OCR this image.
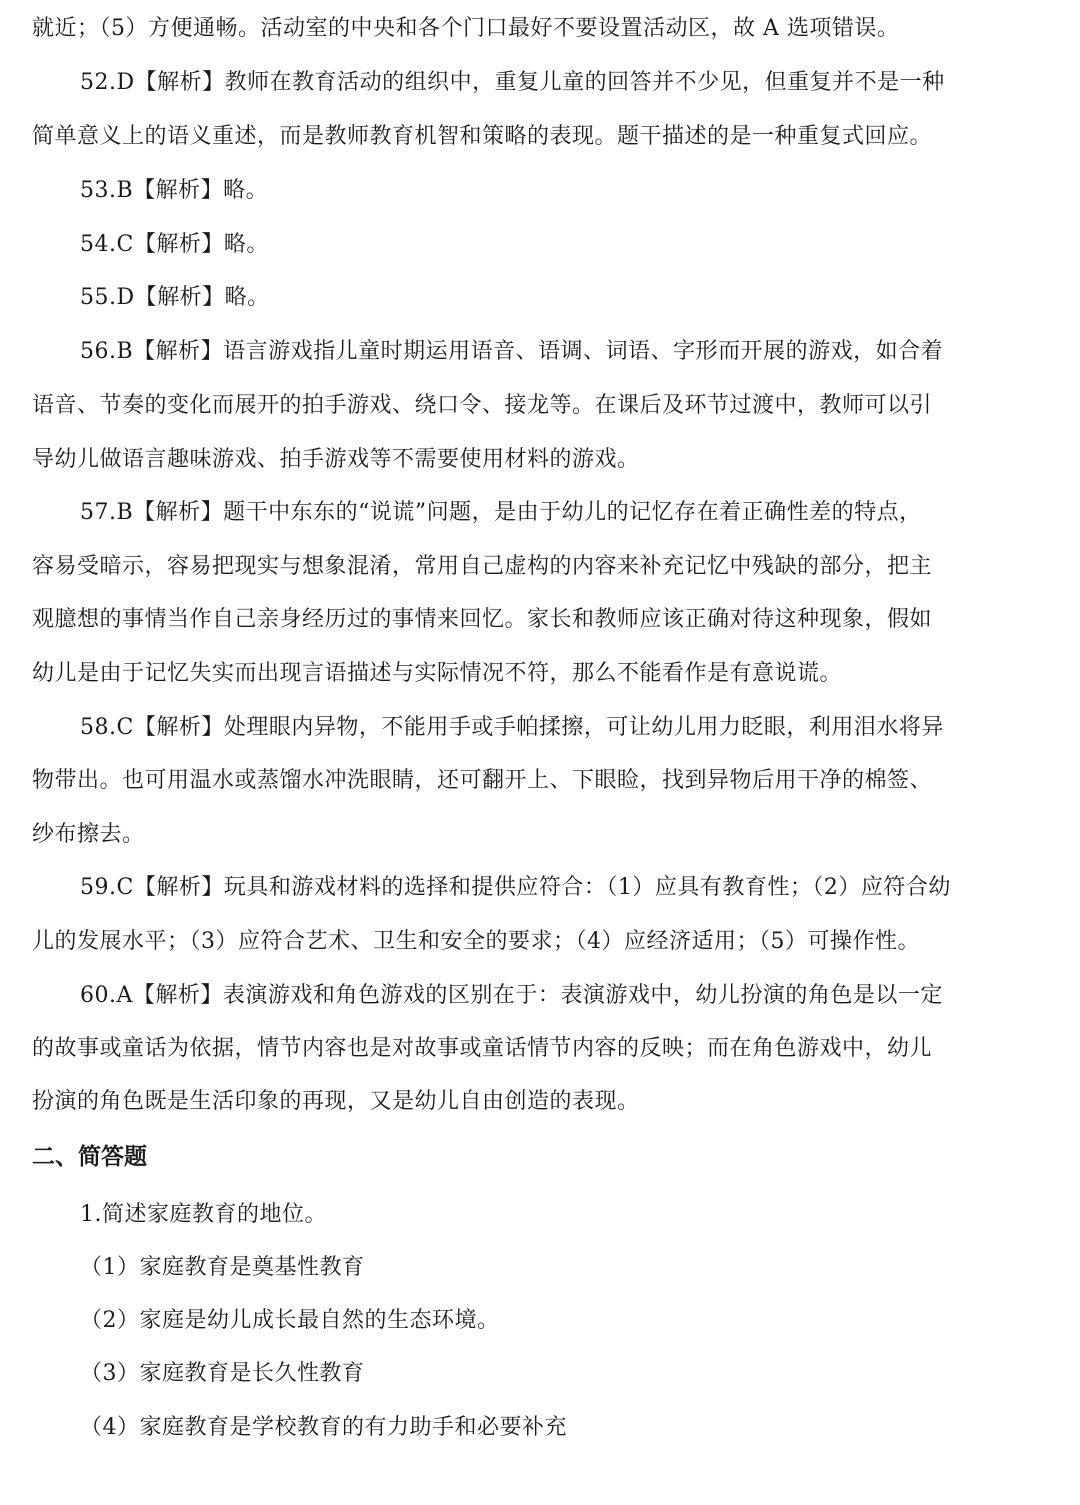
就近；（5）方便通畅。活动室的中央和各个门口最好不要设置活动区，故 A 选项错误。
52.D【解析】教师在教育活动的组织中，重复儿童的回答并不少见，但重复并不是一种
简单意义上的语义重述，而是教师教育机智和策略的表现。题干描述的是一种重复式回应。
53.B【解析】略。
54.C【解析】略。
55.D【解析】略。
56.B【解析】语言游戏指儿童时期运用语音、语调、词语、字形而开展的游戏，如合着
语音、节奏的变化而展开的拍手游戏、绕口令、接龙等。在课后及环节过渡中，教师可以引
导幼儿做语言趣味游戏、拍手游戏等不需要使用材料的游戏。
57.B【解析】题干中东东的“说谎”问题，是由于幼儿的记忆存在着正确性差的特点，
容易受暗示，容易把现实与想象混淆，常用自己虚构的内容来补充记忆中残缺的部分，把主
观臆想的事情当作自己亲身经历过的事情来回忆。家长和教师应该正确对待这种现象，假如
幼儿是由于记忆失实而出现言语描述与实际情况不符，那么不能看作是有意说谎。
58.C【解析】处理眼内异物，不能用手或手帕揉擦，可让幼儿用力眨眼，利用泪水将异
物带出。也可用温水或蒸馏水冲洗眼睛，还可翻开上、下眼睑，找到异物后用干净的棉签、
纱布擦去。
59.C【解析】玩具和游戏材料的选择和提供应符合：（1）应具有教育性；（2）应符合幼
儿的发展水平；（3）应符合艺术、卫生和安全的要求；（4）应经济适用；（5）可操作性。
60.A【解析】表演游戏和角色游戏的区别在于：表演游戏中，幼儿扮演的角色是以一定
的故事或童话为依据，情节内容也是对故事或童话情节内容的反映；而在角色游戏中，幼儿
扮演的角色既是生活印象的再现，又是幼儿自由创造的表现。
二、简答题
1.简述家庭教育的地位。
（1）家庭教育是奠基性教育
（2）家庭是幼儿成长最自然的生态环境。
（3）家庭教育是长久性教育
（4）家庭教育是学校教育的有力助手和必要补充
